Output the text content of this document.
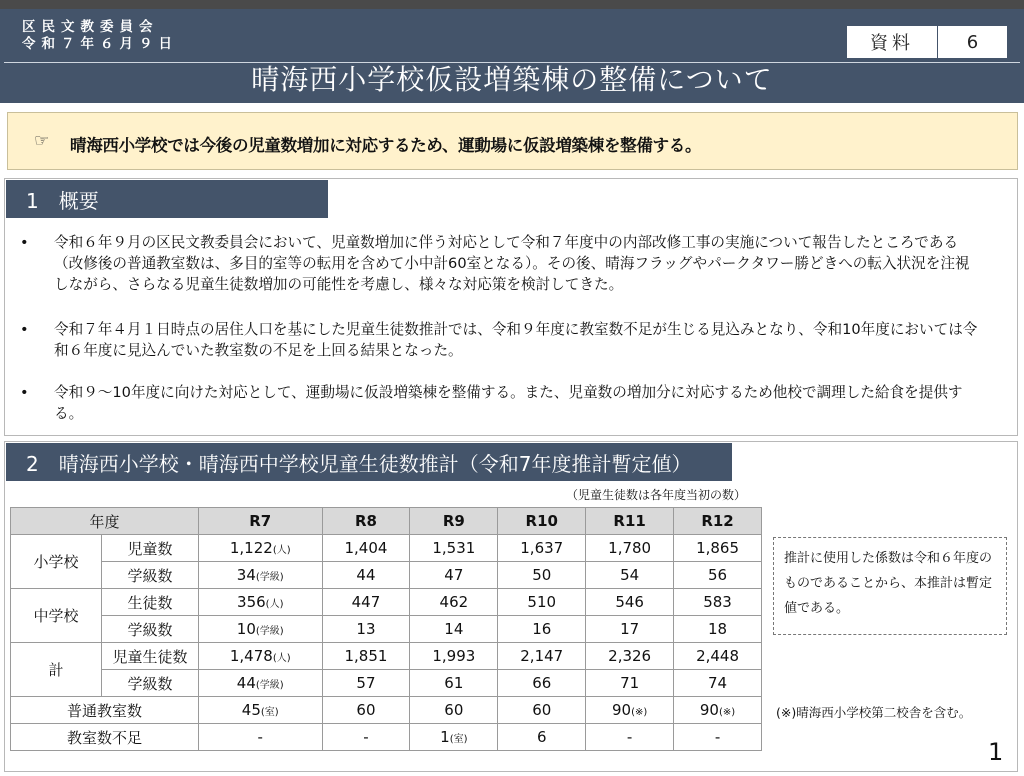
区民文教委員会
令和７年６月９日	資料	6
晴海西小学校仮設増築棟の整備について
☞ 晴海西小学校では今後の児童数増加に対応するため、運動場に仮設増築棟を整備する。
1　概要
• 令和６年９月の区民文教委員会において、児童数増加に伴う対応として令和７年度中の内部改修工事の実施について報告したところである（改修後の普通教室数は、多目的室等の転用を含めて小中計60室となる）。その後、晴海フラッグやパークタワー勝どきへの転入状況を注視しながら、さらなる児童生徒数増加の可能性を考慮し、様々な対応策を検討してきた。
• 令和７年４月１日時点の居住人口を基にした児童生徒数推計では、令和９年度に教室数不足が生じる見込みとなり、令和10年度においては令和６年度に見込んでいた教室数の不足を上回る結果となった。
• 令和９～10年度に向けた対応として、運動場に仮設増築棟を整備する。また、児童数の増加分に対応するため他校で調理した給食を提供する。
2　晴海西小学校・晴海西中学校児童生徒数推計（令和7年度推計暫定値）
（児童生徒数は各年度当初の数）
年度		R7	R8	R9	R10	R11	R12
小学校	児童数	1,122(人)	1,404	1,531	1,637	1,780	1,865
	学級数	34(学級)	44	47	50	54	56
中学校	生徒数	356(人)	447	462	510	546	583
	学級数	10(学級)	13	14	16	17	18
計	児童生徒数	1,478(人)	1,851	1,993	2,147	2,326	2,448
	学級数	44(学級)	57	61	66	71	74
普通教室数		45(室)	60	60	60	90(※)	90(※)
教室数不足		-	-	1(室)	6	-	-
推計に使用した係数は令和６年度のものであることから、本推計は暫定値である。
(※)晴海西小学校第二校舎を含む。
1
